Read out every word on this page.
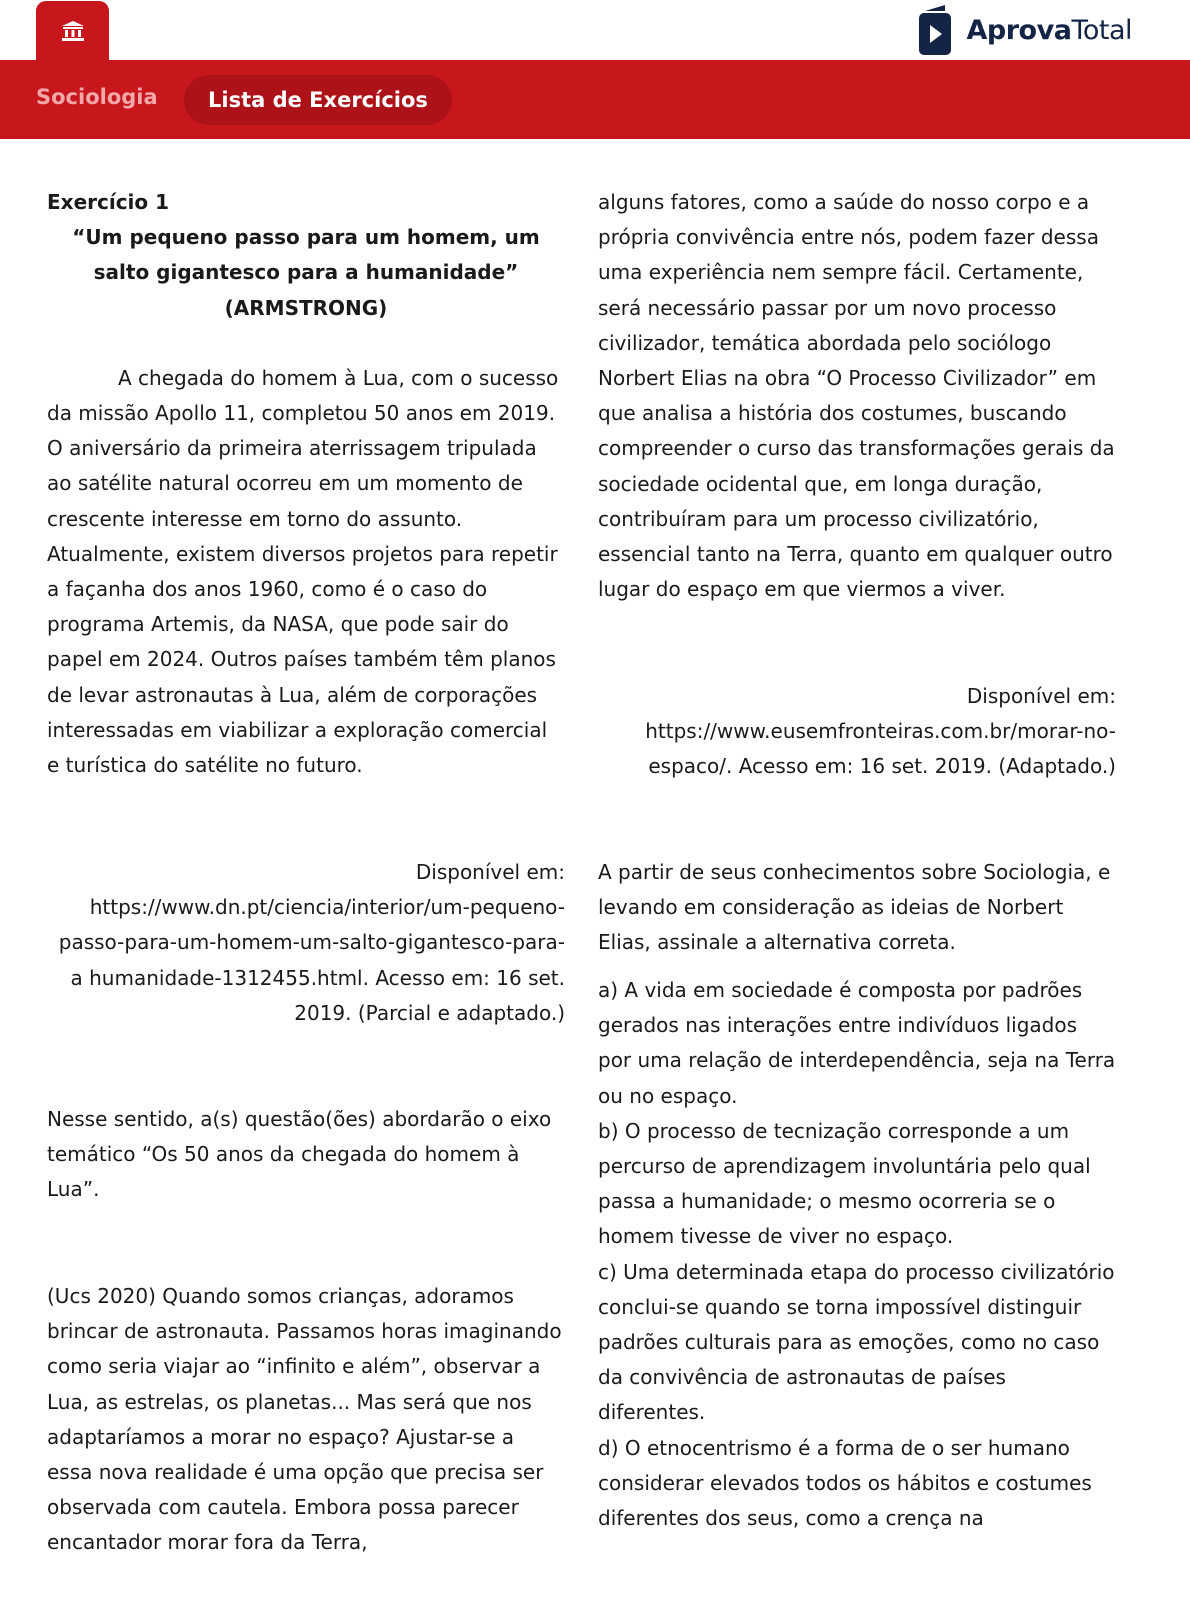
AprovaTotal
Sociologia	Lista de Exercícios

Exercício 1

“Um pequeno passo para um homem, um salto gigantesco para a humanidade”

(ARMSTRONG)

A chegada do homem à Lua, com o sucesso da missão Apollo 11, completou 50 anos em 2019. O aniversário da primeira aterrissagem tripulada ao satélite natural ocorreu em um momento de crescente interesse em torno do assunto. Atualmente, existem diversos projetos para repetir a façanha dos anos 1960, como é o caso do programa Artemis, da NASA, que pode sair do papel em 2024. Outros países também têm planos de levar astronautas à Lua, além de corporações interessadas em viabilizar a exploração comercial e turística do satélite no futuro.

Disponível em: https://www.dn.pt/ciencia/interior/um-pequeno-passo-para-um-homem-um-salto-gigantesco-para-a humanidade-1312455.html. Acesso em: 16 set. 2019. (Parcial e adaptado.)
Nesse sentido, a(s) questão(ões) abordarão o eixo temático “Os 50 anos da chegada do homem à Lua”.
(Ucs 2020) Quando somos crianças, adoramos brincar de astronauta. Passamos horas imaginando como seria viajar ao “infinito e além”, observar a Lua, as estrelas, os planetas... Mas será que nos adaptaríamos a morar no espaço? Ajustar-se a essa nova realidade é uma opção que precisa ser observada com cautela. Embora possa parecer encantador morar fora da Terra,
alguns fatores, como a saúde do nosso corpo e a própria convivência entre nós, podem fazer dessa uma experiência nem sempre fácil. Certamente, será necessário passar por um novo processo civilizador, temática abordada pelo sociólogo Norbert Elias na obra “O Processo Civilizador” em que analisa a história dos costumes, buscando compreender o curso das transformações gerais da sociedade ocidental que, em longa duração, contribuíram para um processo civilizatório, essencial tanto na Terra, quanto em qualquer outro lugar do espaço em que viermos a viver.
Disponível em: https://www.eusemfronteiras.com.br/morar-no-espaco/. Acesso em: 16 set. 2019. (Adaptado.)
A partir de seus conhecimentos sobre Sociologia, e levando em consideração as ideias de Norbert Elias, assinale a alternativa correta.

a) A vida em sociedade é composta por padrões gerados nas interações entre indivíduos ligados por uma relação de interdependência, seja na Terra ou no espaço.

b) O processo de tecnização corresponde a um percurso de aprendizagem involuntária pelo qual passa a humanidade; o mesmo ocorreria se o homem tivesse de viver no espaço.

c) Uma determinada etapa do processo civilizatório conclui-se quando se torna impossível distinguir padrões culturais para as emoções, como no caso da convivência de astronautas de países diferentes.

d) O etnocentrismo é a forma de o ser humano considerar elevados todos os hábitos e costumes diferentes dos seus, como a crença na
